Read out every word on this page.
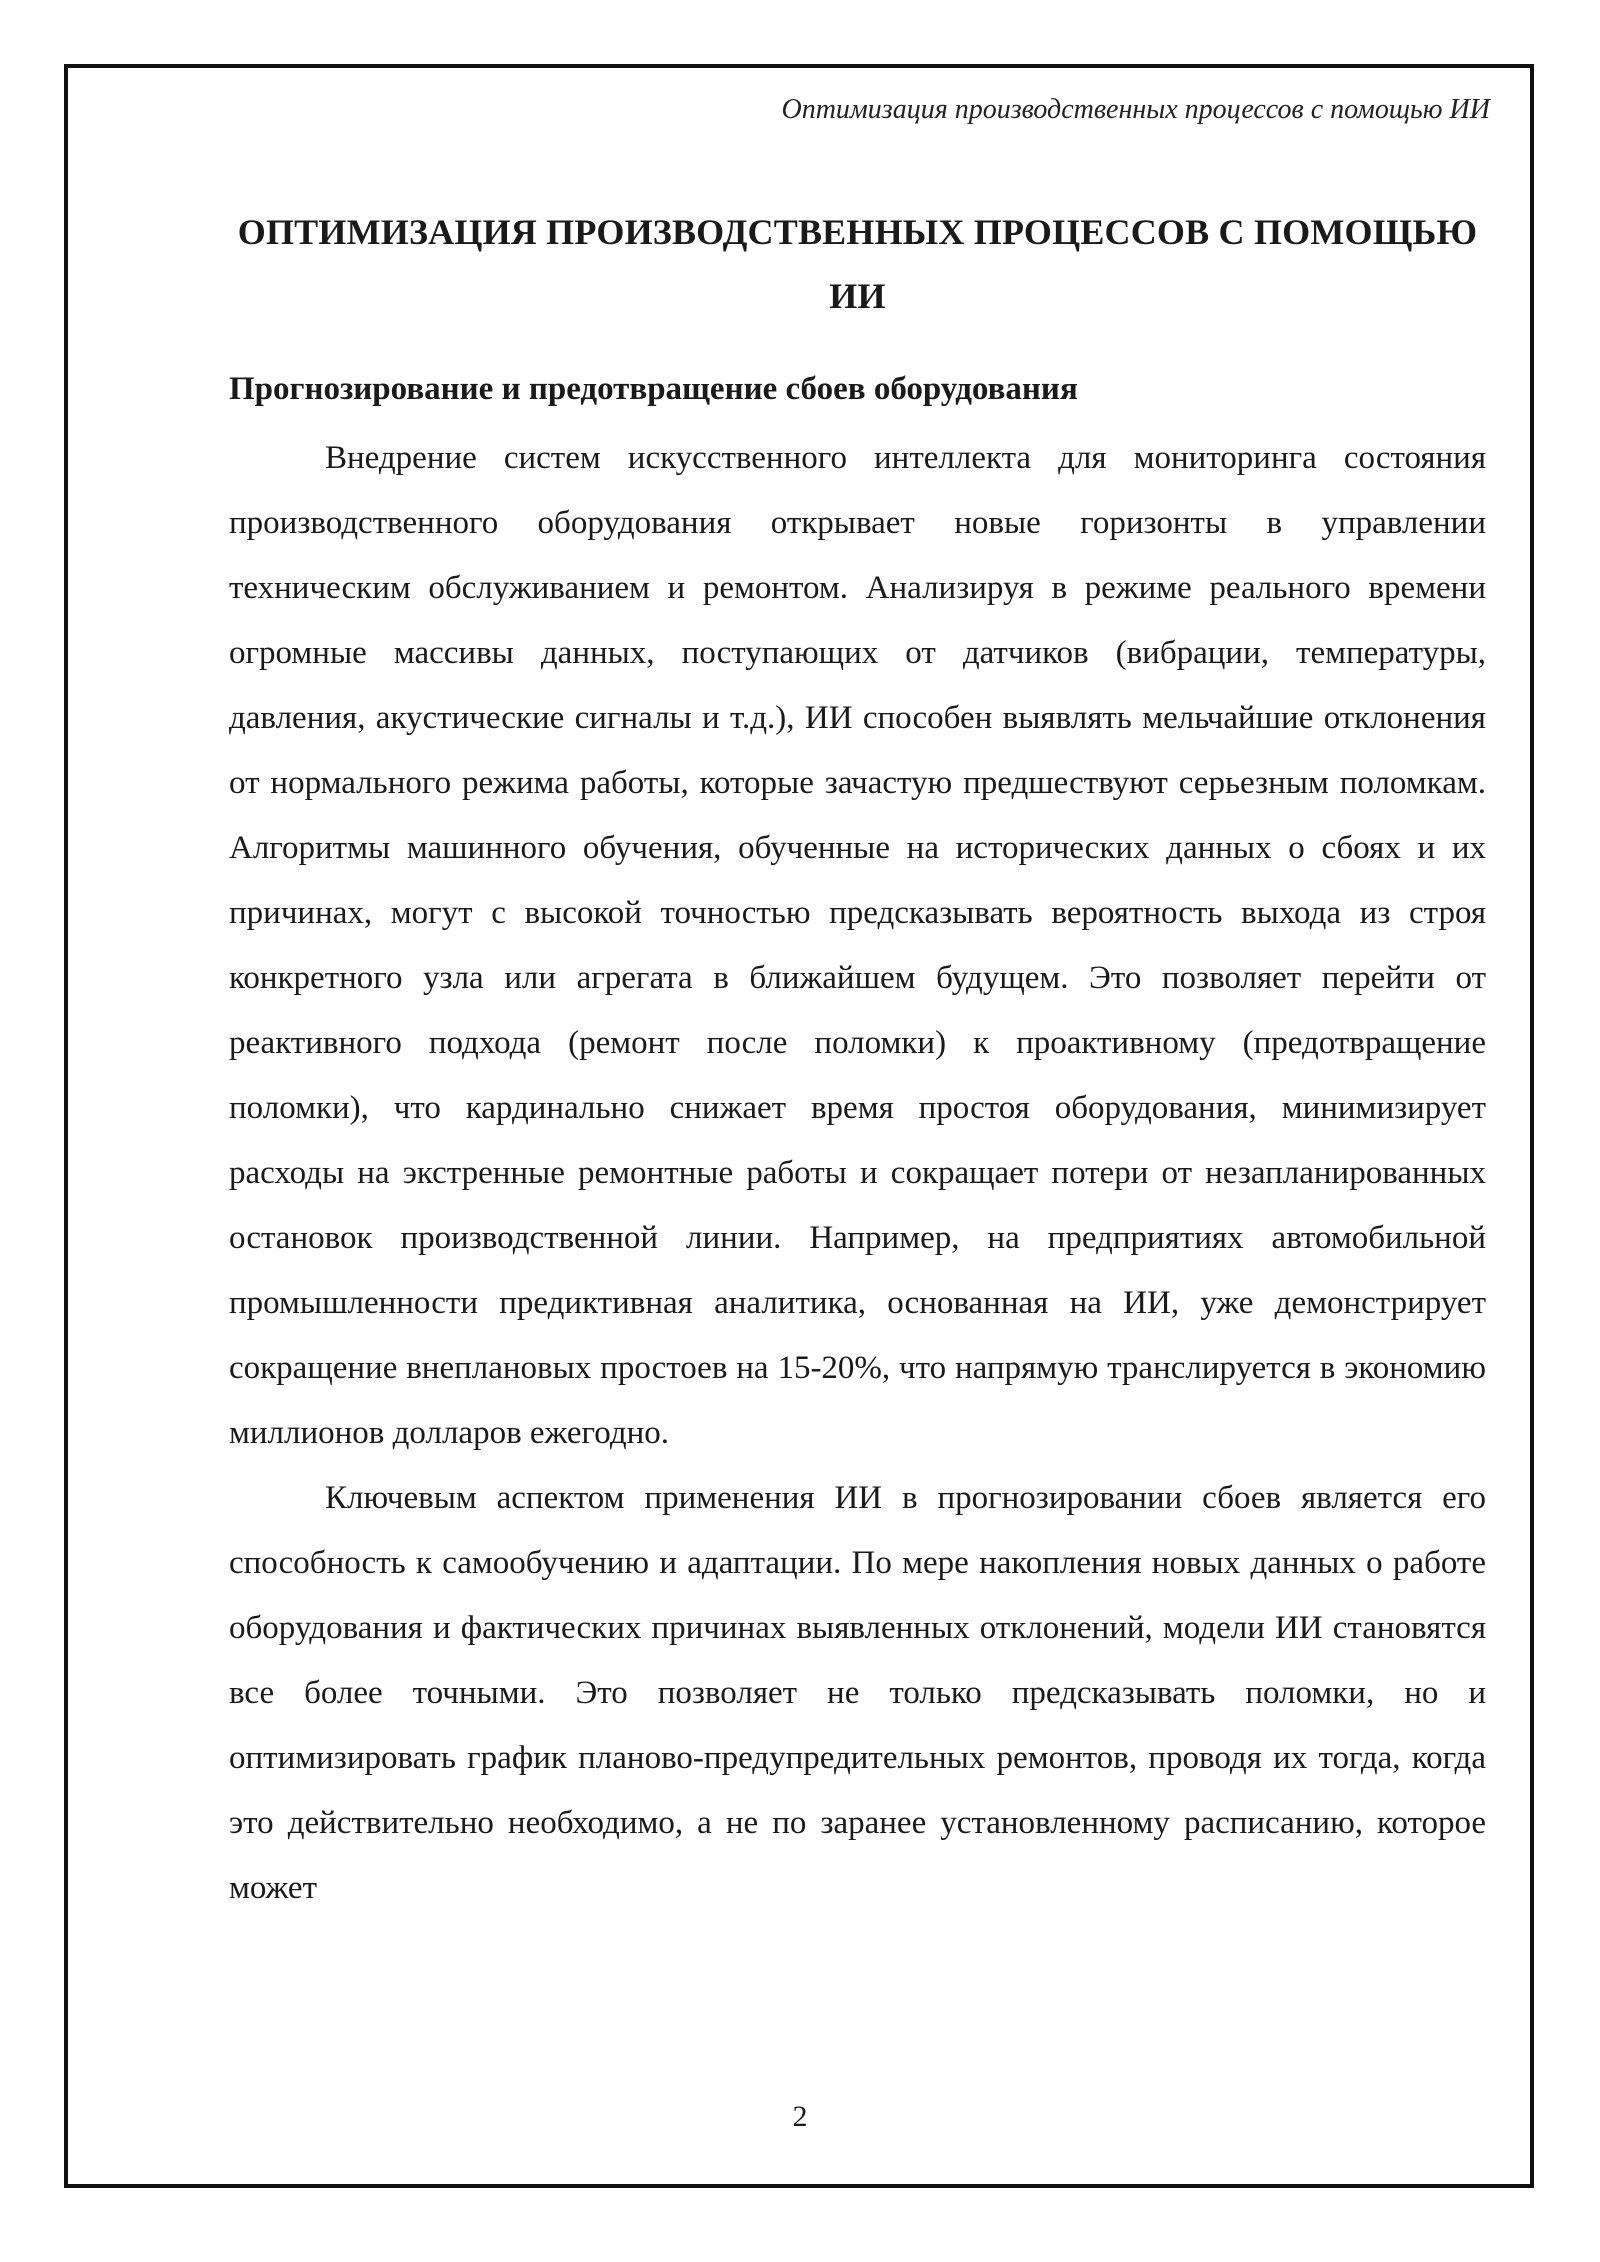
Оптимизация производственных процессов с помощью ИИ
ОПТИМИЗАЦИЯ ПРОИЗВОДСТВЕННЫХ ПРОЦЕССОВ С ПОМОЩЬЮ ИИ
Прогнозирование и предотвращение сбоев оборудования

Внедрение систем искусственного интеллекта для мониторинга состояния производственного оборудования открывает новые горизонты в управлении техническим обслуживанием и ремонтом. Анализируя в режиме реального времени огромные массивы данных, поступающих от датчиков (вибрации, температуры, давления, акустические сигналы и т.д.), ИИ способен выявлять мельчайшие отклонения от нормального режима работы, которые зачастую предшествуют серьезным поломкам. Алгоритмы машинного обучения, обученные на исторических данных о сбоях и их причинах, могут с высокой точностью предсказывать вероятность выхода из строя конкретного узла или агрегата в ближайшем будущем. Это позволяет перейти от реактивного подхода (ремонт после поломки) к проактивному (предотвращение поломки), что кардинально снижает время простоя оборудования, минимизирует расходы на экстренные ремонтные работы и сокращает потери от незапланированных остановок производственной линии. Например, на предприятиях автомобильной промышленности предиктивная аналитика, основанная на ИИ, уже демонстрирует сокращение внеплановых простоев на 15-20%, что напрямую транслируется в экономию миллионов долларов ежегодно.

Ключевым аспектом применения ИИ в прогнозировании сбоев является его способность к самообучению и адаптации. По мере накопления новых данных о работе оборудования и фактических причинах выявленных отклонений, модели ИИ становятся все более точными. Это позволяет не только предсказывать поломки, но и оптимизировать график планово-предупредительных ремонтов, проводя их тогда, когда это действительно необходимо, а не по заранее установленному расписанию, которое может

2
